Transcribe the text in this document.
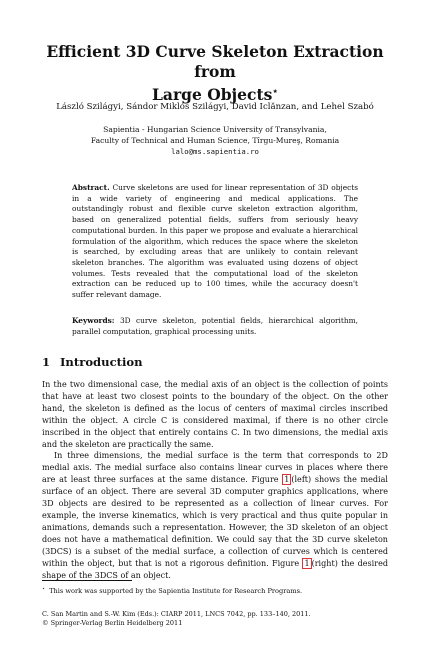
Efficient 3D Curve Skeleton Extraction from
Large Objects⋆
László Szilágyi, Sándor Miklós Szilágyi, David Iclănzan, and Lehel Szabó
Sapientia - Hungarian Science University of Transylvania,
Faculty of Technical and Human Science, Tîrgu-Mureş, Romania
lalo@ms.sapientia.ro
Abstract. Curve skeletons are used for linear representation of 3D objects in a wide variety of engineering and medical applications. The outstandingly robust and flexible curve skeleton extraction algorithm, based on generalized potential fields, suffers from seriously heavy computational burden. In this paper we propose and evaluate a hierarchical formulation of the algorithm, which reduces the space where the skeleton is searched, by excluding areas that are unlikely to contain relevant skeleton branches. The algorithm was evaluated using dozens of object volumes. Tests revealed that the computational load of the skeleton extraction can be reduced up to 100 times, while the accuracy doesn't suffer relevant damage.
Keywords: 3D curve skeleton, potential fields, hierarchical algorithm, parallel computation, graphical processing units.
1 Introduction

In the two dimensional case, the medial axis of an object is the collection of points that have at least two closest points to the boundary of the object. On the other hand, the skeleton is defined as the locus of centers of maximal circles inscribed within the object. A circle C is considered maximal, if there is no other circle inscribed in the object that entirely contains C. In two dimensions, the medial axis and the skeleton are practically the same.

In three dimensions, the medial surface is the term that corresponds to 2D medial axis. The medial surface also contains linear curves in places where there are at least three surfaces at the same distance. Figure 1 (left) shows the medial surface of an object. There are several 3D computer graphics applications, where 3D objects are desired to be represented as a collection of linear curves. For example, the inverse kinematics, which is very practical and thus quite popular in animations, demands such a representation. However, the 3D skeleton of an object does not have a mathematical definition. We could say that the 3D curve skeleton (3DCS) is a subset of the medial surface, a collection of curves which is centered within the object, but that is not a rigorous definition. Figure 1 (right) the desired shape of the 3DCS of an object.

⋆ This work was supported by the Sapientia Institute for Research Programs.
C. San Martin and S.-W. Kim (Eds.): CIARP 2011, LNCS 7042, pp. 133–140, 2011.
© Springer-Verlag Berlin Heidelberg 2011
